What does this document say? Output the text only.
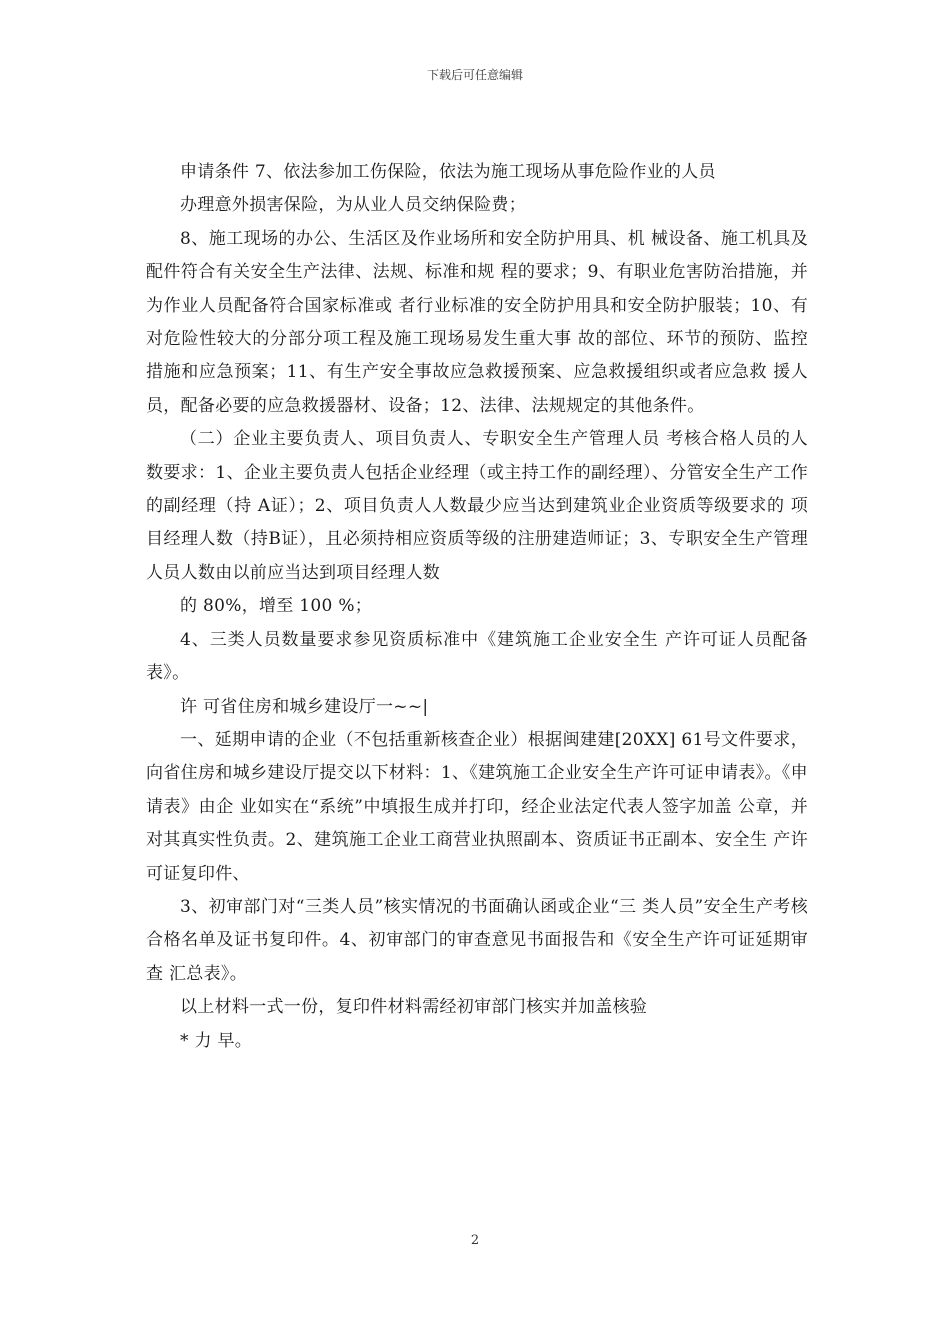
下载后可任意编辑

申请条件 7、依法参加工伤保险，依法为施工现场从事危险作业的人员

办理意外损害保险，为从业人员交纳保险费；

8、施工现场的办公、生活区及作业场所和安全防护用具、机 械设备、施工机具及配件符合有关安全生产法律、法规、标准和规 程的要求；9、有职业危害防治措施，并为作业人员配备符合国家标准或 者行业标准的安全防护用具和安全防护服装；10、有对危险性较大的分部分项工程及施工现场易发生重大事 故的部位、环节的预防、监控措施和应急预案；11、有生产安全事故应急救援预案、应急救援组织或者应急救 援人员，配备必要的应急救援器材、设备；12、法律、法规规定的其他条件。

（二）企业主要负责人、项目负责人、专职安全生产管理人员 考核合格人员的人数要求：1、企业主要负责人包括企业经理（或主持工作的副经理）、分管安全生产工作的副经理（持 A证）；2、项目负责人人数最少应当达到建筑业企业资质等级要求的 项目经理人数（持B证），且必须持相应资质等级的注册建造师证；3、专职安全生产管理人员人数由以前应当达到项目经理人数

的 80%，增至 100 %；

4、三类人员数量要求参见资质标准中《建筑施工企业安全生 产许可证人员配备表》。

许 可省住房和城乡建设厅一~~|

一、延期申请的企业（不包括重新核查企业）根据闽建建[20XX] 61号文件要求，向省住房和城乡建设厅提交以下材料：1、《建筑施工企业安全生产许可证申请表》。《申请表》由企 业如实在“系统”中填报生成并打印，经企业法定代表人签字加盖 公章，并对其真实性负责。2、建筑施工企业工商营业执照副本、资质证书正副本、安全生 产许可证复印件、

3、初审部门对“三类人员”核实情况的书面确认函或企业“三 类人员”安全生产考核合格名单及证书复印件。4、初审部门的审查意见书面报告和《安全生产许可证延期审查 汇总表》。

以上材料一式一份，复印件材料需经初审部门核实并加盖核验

* 力 早。

2
